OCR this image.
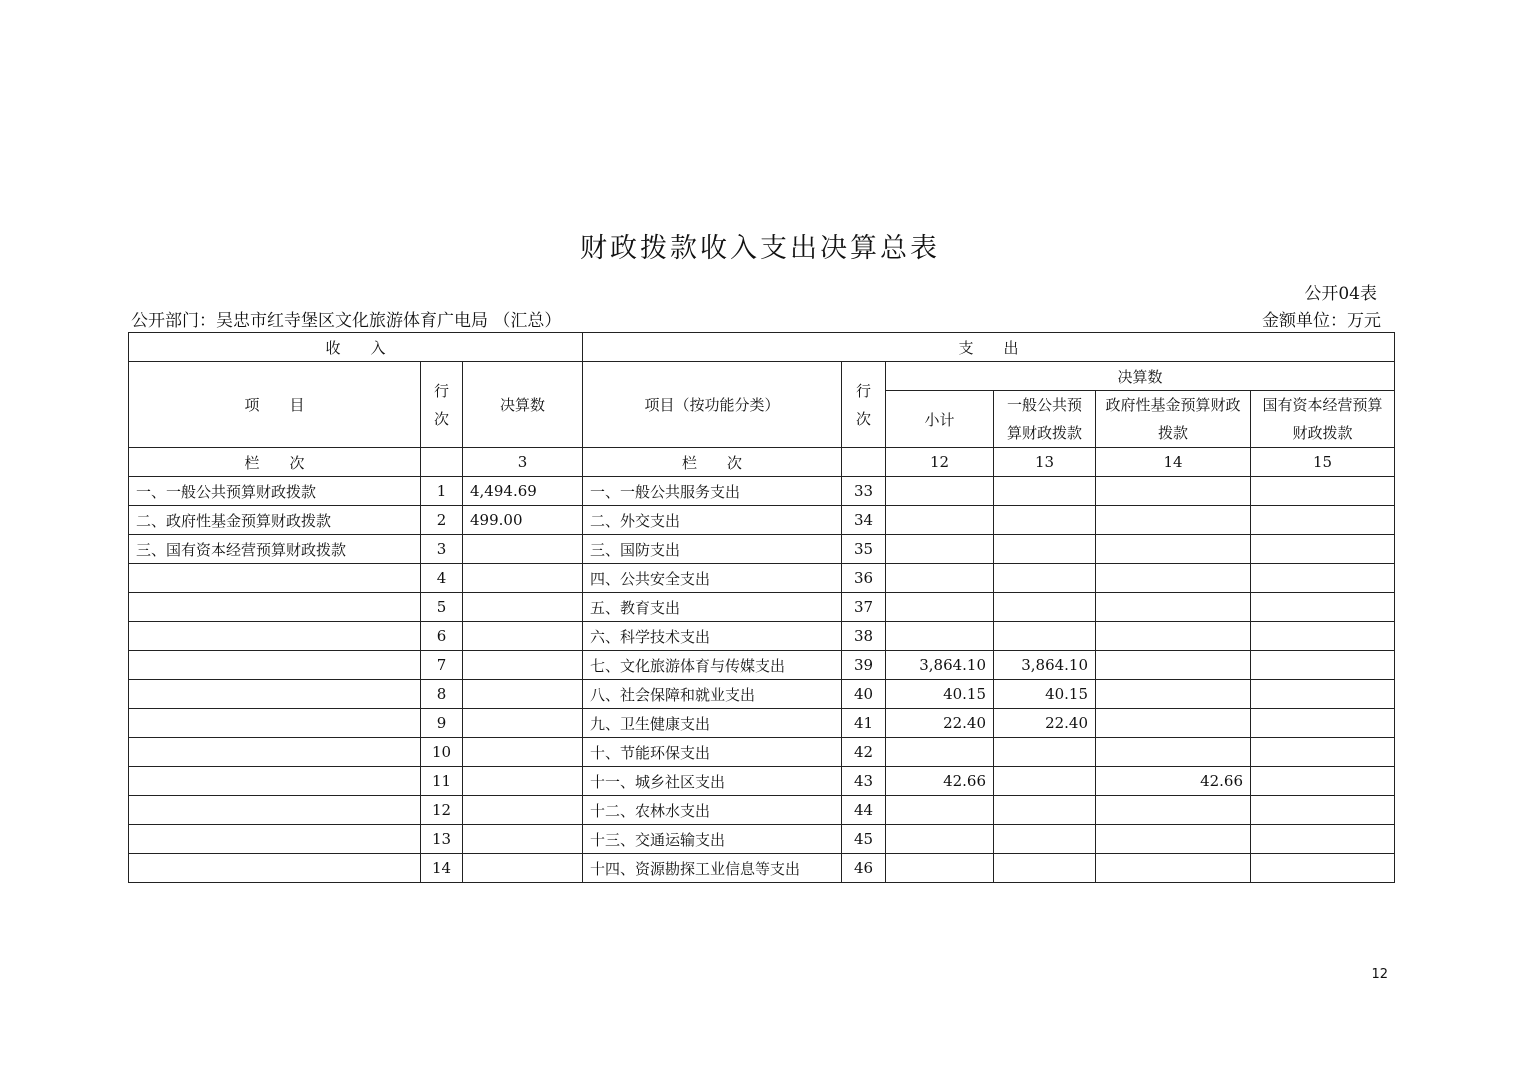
财政拨款收入支出决算总表
公开04表
公开部门：吴忠市红寺堡区文化旅游体育广电局 （汇总）	金额单位：万元
收　　入			支　　出					
项　　目	行次	决算数	项目（按功能分类）	行次	决算数			
					小计	一般公共预算财政拨款	政府性基金预算财政拨款	国有资本经营预算财政拨款
栏　　次		3	栏　　次		12	13	14	15
一、一般公共预算财政拨款	1	4,494.69	一、一般公共服务支出	33				
二、政府性基金预算财政拨款	2	499.00	二、外交支出	34				
三、国有资本经营预算财政拨款	3		三、国防支出	35				
	4		四、公共安全支出	36				
	5		五、教育支出	37				
	6		六、科学技术支出	38				
	7		七、文化旅游体育与传媒支出	39	3,864.10	3,864.10		
	8		八、社会保障和就业支出	40	40.15	40.15		
	9		九、卫生健康支出	41	22.40	22.40		
	10		十、节能环保支出	42				
	11		十一、城乡社区支出	43	42.66		42.66	
	12		十二、农林水支出	44				
	13		十三、交通运输支出	45				
	14		十四、资源勘探工业信息等支出	46				
12
